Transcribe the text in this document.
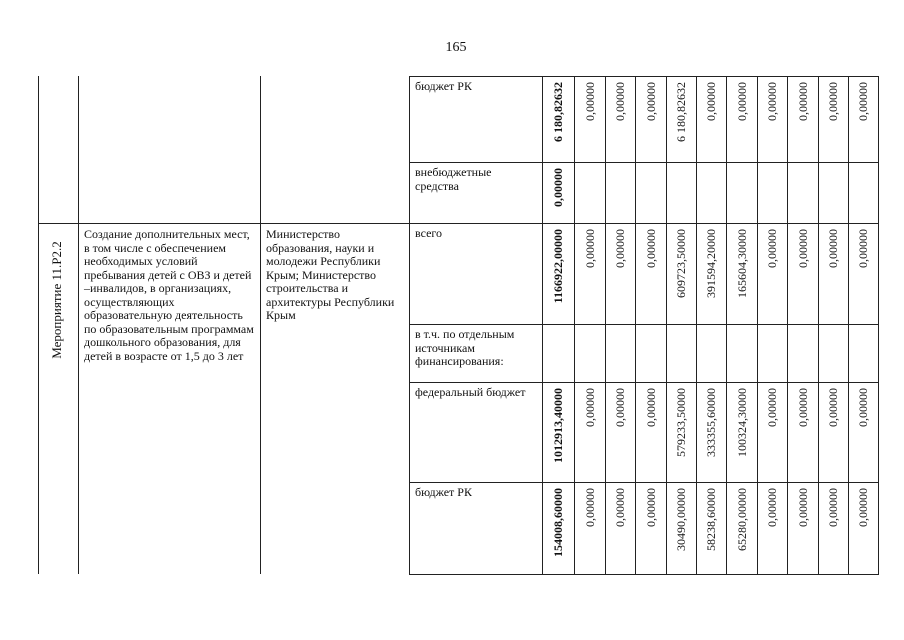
165
Мероприятие 11.Р2.2
Создание дополнительных мест, в том числе с обеспечением необходимых условий пребывания детей с ОВЗ и детей –инвалидов, в организациях, осуществляющих образовательную деятельность по образовательным программам дошкольного образования, для детей в возрасте от 1,5 до 3 лет
Министерство образования, науки и молодежи Республики Крым; Министерство строительства и архитектуры Республики Крым
бюджет РК
внебюджетные средства
всего
в т.ч. по отдельным источникам финансирования:
федеральный бюджет
бюджет РК
6 180,82632 0,00000 0,00000 0,00000 6 180,82632 0,00000 0,00000 0,00000 0,00000 0,00000 0,00000
0,00000
1166922,00000 0,00000 0,00000 0,00000 609723,50000 391594,20000 165604,30000 0,00000 0,00000 0,00000 0,00000
1012913,40000 0,00000 0,00000 0,00000 579233,50000 333355,60000 100324,30000 0,00000 0,00000 0,00000 0,00000
154008,60000 0,00000 0,00000 0,00000 30490,00000 58238,60000 65280,00000 0,00000 0,00000 0,00000 0,00000
